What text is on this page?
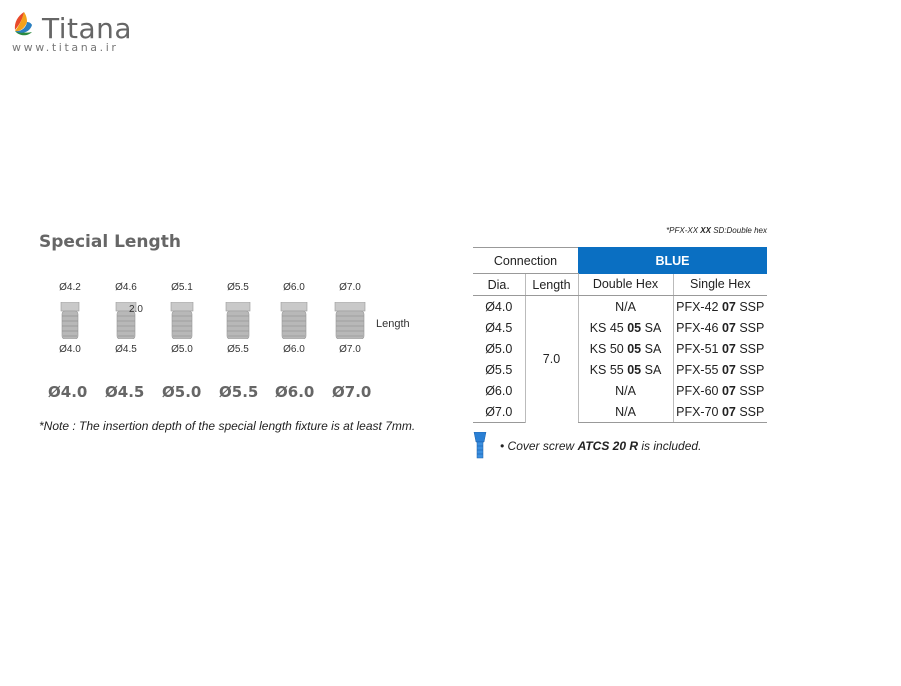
Titana
www.titana.ir
Special Length
Ø4.2
Ø4.0
Ø4.6
Ø4.5
Ø5.1
Ø5.0
Ø5.5
Ø5.5
Ø6.0
Ø6.0
Ø7.0
Ø7.0
2.0
Length
Ø4.0 Ø4.5 Ø5.0 Ø5.5 Ø6.0 Ø7.0
*Note : The insertion depth of the special length fixture is at least 7mm.
*PFX-XX XX SD:Double hex
Connection		BLUE	
Dia.	Length	Double Hex	Single Hex
Ø4.0	7.0	N/A	PFX-42 07 SSP
Ø4.5		KS 45 05 SA	PFX-46 07 SSP
Ø5.0		KS 50 05 SA	PFX-51 07 SSP
Ø5.5		KS 55 05 SA	PFX-55 07 SSP
Ø6.0		N/A	PFX-60 07 SSP
Ø7.0		N/A	PFX-70 07 SSP
• Cover screw ATCS 20 R is included.
